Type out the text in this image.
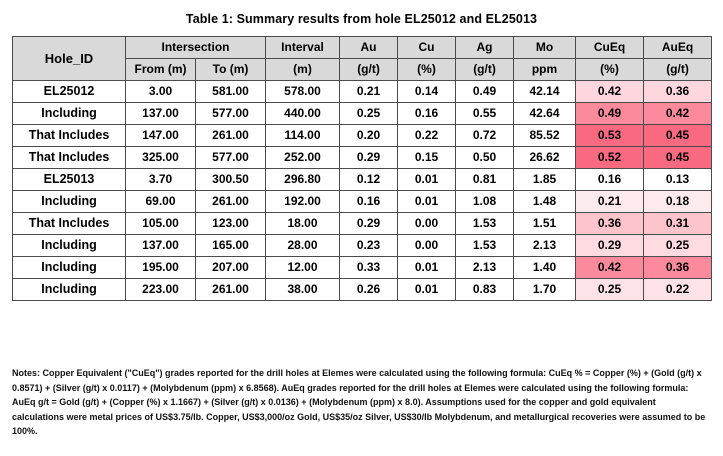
Table 1: Summary results from hole EL25012 and EL25013
Hole_ID	Intersection		Interval	Au	Cu	Ag	Mo	CuEq	AuEq
	From (m)	To (m)	(m)	(g/t)	(%)	(g/t)	ppm	(%)	(g/t)
EL25012	3.00	581.00	578.00	0.21	0.14	0.49	42.14	0.42	0.36
Including	137.00	577.00	440.00	0.25	0.16	0.55	42.64	0.49	0.42
That Includes	147.00	261.00	114.00	0.20	0.22	0.72	85.52	0.53	0.45
That Includes	325.00	577.00	252.00	0.29	0.15	0.50	26.62	0.52	0.45
EL25013	3.70	300.50	296.80	0.12	0.01	0.81	1.85	0.16	0.13
Including	69.00	261.00	192.00	0.16	0.01	1.08	1.48	0.21	0.18
That Includes	105.00	123.00	18.00	0.29	0.00	1.53	1.51	0.36	0.31
Including	137.00	165.00	28.00	0.23	0.00	1.53	2.13	0.29	0.25
Including	195.00	207.00	12.00	0.33	0.01	2.13	1.40	0.42	0.36
Including	223.00	261.00	38.00	0.26	0.01	0.83	1.70	0.25	0.22
Notes: Copper Equivalent ("CuEq") grades reported for the drill holes at Elemes were calculated using the following formula: CuEq % = Copper (%) + (Gold (g/t) x 0.8571) + (Silver (g/t) x 0.0117) + (Molybdenum (ppm) x 6.8568). AuEq grades reported for the drill holes at Elemes were calculated using the following formula: AuEq g/t = Gold (g/t) + (Copper (%) x 1.1667) + (Silver (g/t) x 0.0136) + (Molybdenum (ppm) x 8.0). Assumptions used for the copper and gold equivalent calculations were metal prices of US$3.75/lb. Copper, US$3,000/oz Gold, US$35/oz Silver, US$30/lb Molybdenum, and metallurgical recoveries were assumed to be 100%.
